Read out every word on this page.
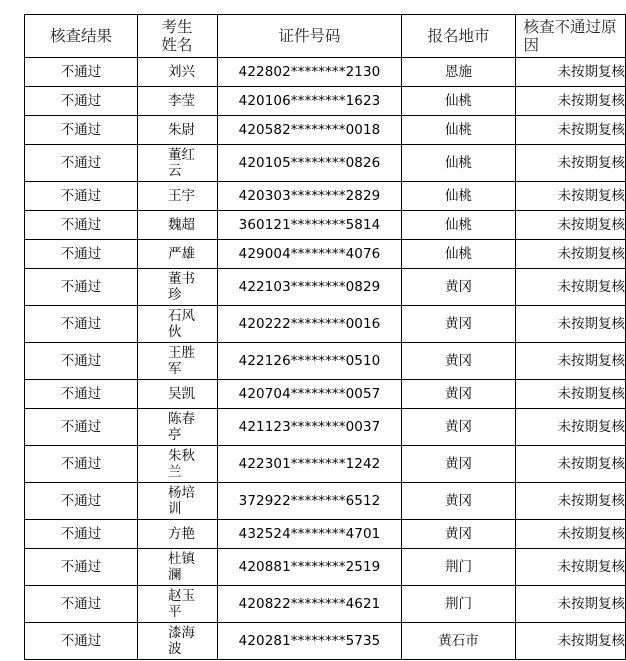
核查结果	考生姓名	证件号码	报名地市	核查不通过原因

不通过	刘兴	422802********2130	恩施	未按期复核
不通过	李莹	420106********1623	仙桃	未按期复核
不通过	朱尉	420582********0018	仙桃	未按期复核
不通过	董红云	420105********0826	仙桃	未按期复核
不通过	王宇	420303********2829	仙桃	未按期复核
不通过	魏超	360121********5814	仙桃	未按期复核
不通过	严雄	429004********4076	仙桃	未按期复核
不通过	董书珍	422103********0829	黄冈	未按期复核
不通过	石风伙	420222********0016	黄冈	未按期复核
不通过	王胜军	422126********0510	黄冈	未按期复核
不通过	吴凯	420704********0057	黄冈	未按期复核
不通过	陈春亭	421123********0037	黄冈	未按期复核
不通过	朱秋兰	422301********1242	黄冈	未按期复核
不通过	杨培训	372922********6512	黄冈	未按期复核
不通过	方艳	432524********4701	黄冈	未按期复核
不通过	杜镇澜	420881********2519	荆门	未按期复核
不通过	赵玉平	420822********4621	荆门	未按期复核
不通过	漆海波	420281********5735	黄石市	未按期复核
